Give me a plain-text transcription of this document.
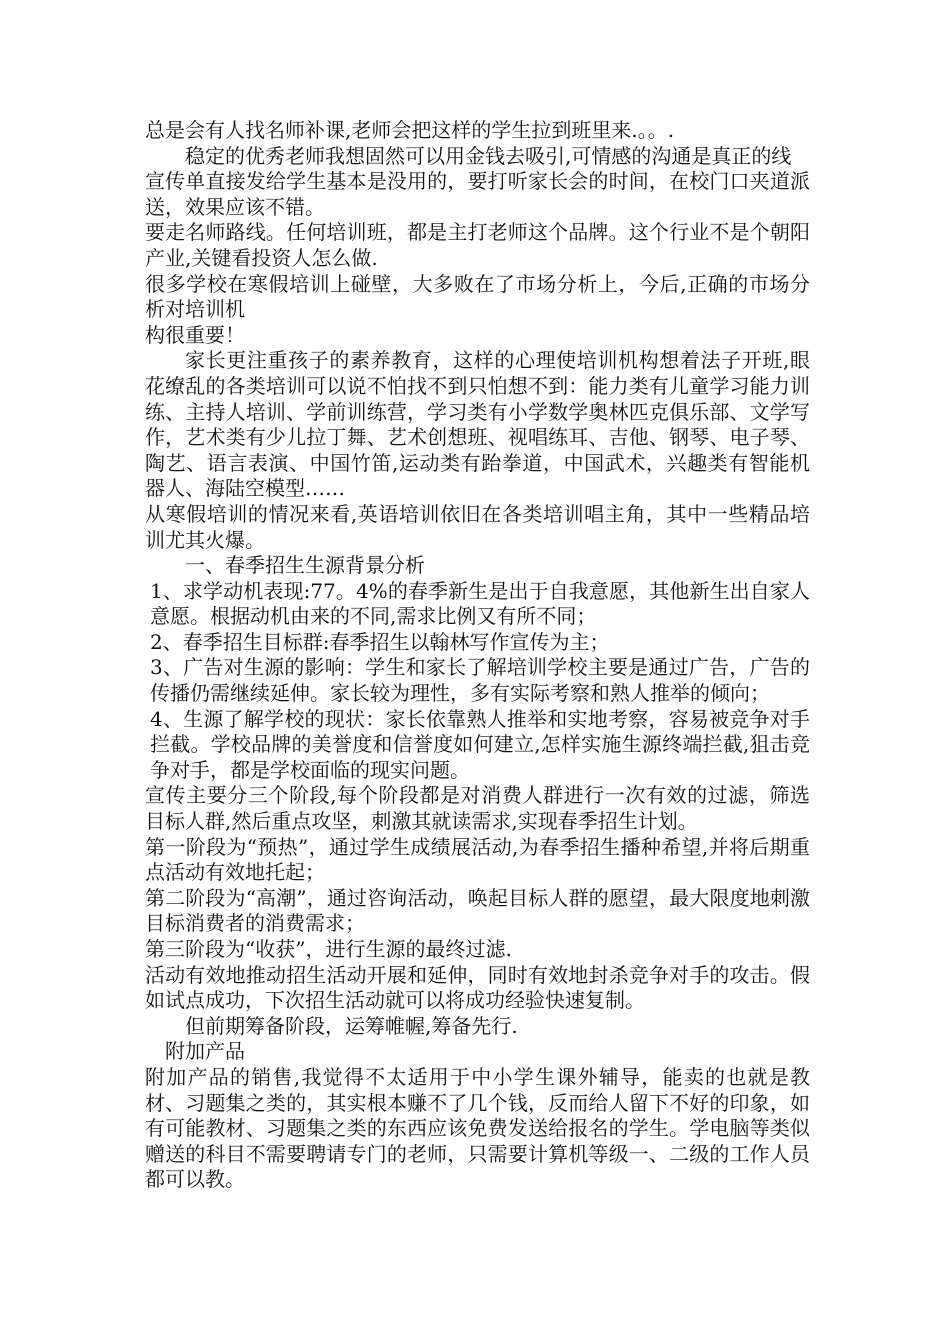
总是会有人找名师补课,老师会把这样的学生拉到班里来.。。.

稳定的优秀老师我想固然可以用金钱去吸引,可情感的沟通是真正的线

宣传单直接发给学生基本是没用的，要打听家长会的时间，在校门口夹道派送，效果应该不错。

要走名师路线。任何培训班，都是主打老师这个品牌。这个行业不是个朝阳产业,关键看投资人怎么做.

很多学校在寒假培训上碰壁，大多败在了市场分析上，今后,正确的市场分析对培训机

构很重要！

家长更注重孩子的素养教育，这样的心理使培训机构想着法子开班,眼花缭乱的各类培训可以说不怕找不到只怕想不到：能力类有儿童学习能力训练、主持人培训、学前训练营，学习类有小学数学奥林匹克俱乐部、文学写作，艺术类有少儿拉丁舞、艺术创想班、视唱练耳、吉他、钢琴、电子琴、陶艺、语言表演、中国竹笛,运动类有跆拳道，中国武术，兴趣类有智能机器人、海陆空模型……

从寒假培训的情况来看,英语培训依旧在各类培训唱主角，其中一些精品培训尤其火爆。

一、春季招生生源背景分析

1、求学动机表现:77。4%的春季新生是出于自我意愿，其他新生出自家人意愿。根据动机由来的不同,需求比例又有所不同；

2、春季招生目标群:春季招生以翰林写作宣传为主；

3、广告对生源的影响：学生和家长了解培训学校主要是通过广告，广告的传播仍需继续延伸。家长较为理性，多有实际考察和熟人推举的倾向；

4、生源了解学校的现状：家长依靠熟人推举和实地考察，容易被竞争对手拦截。学校品牌的美誉度和信誉度如何建立,怎样实施生源终端拦截,狙击竞争对手，都是学校面临的现实问题。

宣传主要分三个阶段,每个阶段都是对消费人群进行一次有效的过滤，筛选目标人群,然后重点攻坚，刺激其就读需求,实现春季招生计划。

第一阶段为“预热”，通过学生成绩展活动,为春季招生播种希望,并将后期重点活动有效地托起；

第二阶段为“高潮”，通过咨询活动，唤起目标人群的愿望，最大限度地刺激目标消费者的消费需求；

第三阶段为“收获”，进行生源的最终过滤.

活动有效地推动招生活动开展和延伸，同时有效地封杀竞争对手的攻击。假如试点成功，下次招生活动就可以将成功经验快速复制。

但前期筹备阶段，运筹帷幄,筹备先行.

附加产品

附加产品的销售,我觉得不太适用于中小学生课外辅导，能卖的也就是教材、习题集之类的，其实根本赚不了几个钱，反而给人留下不好的印象，如有可能教材、习题集之类的东西应该免费发送给报名的学生。学电脑等类似赠送的科目不需要聘请专门的老师，只需要计算机等级一、二级的工作人员都可以教。
